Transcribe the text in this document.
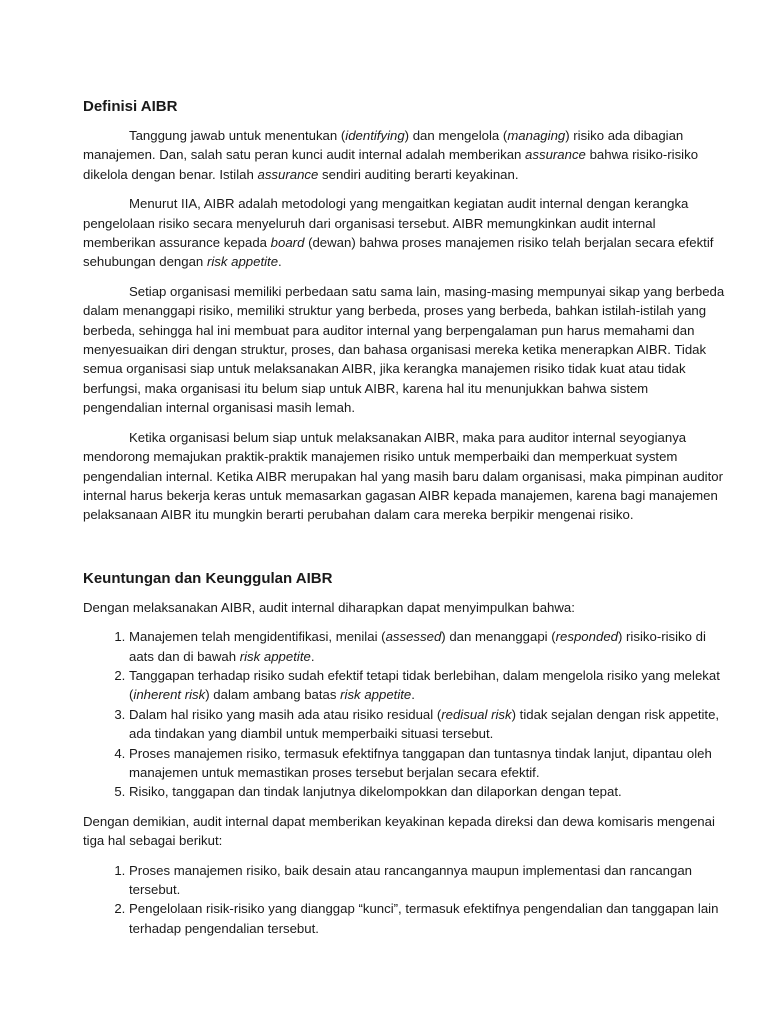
Definisi AIBR

Tanggung jawab untuk menentukan (identifying) dan mengelola (managing) risiko ada dibagian manajemen. Dan, salah satu peran kunci audit internal adalah memberikan assurance bahwa risiko-risiko dikelola dengan benar. Istilah assurance sendiri auditing berarti keyakinan.

Menurut IIA, AIBR adalah metodologi yang mengaitkan kegiatan audit internal dengan kerangka pengelolaan risiko secara menyeluruh dari organisasi tersebut. AIBR memungkinkan audit internal memberikan assurance kepada board (dewan) bahwa proses manajemen risiko telah berjalan secara efektif sehubungan dengan risk appetite.

Setiap organisasi memiliki perbedaan satu sama lain, masing-masing mempunyai sikap yang berbeda dalam menanggapi risiko, memiliki struktur yang berbeda, proses yang berbeda, bahkan istilah-istilah yang berbeda, sehingga hal ini membuat para auditor internal yang berpengalaman pun harus memahami dan menyesuaikan diri dengan struktur, proses, dan bahasa organisasi mereka ketika menerapkan AIBR. Tidak semua organisasi siap untuk melaksanakan AIBR, jika kerangka manajemen risiko tidak kuat atau tidak berfungsi, maka organisasi itu belum siap untuk AIBR, karena hal itu menunjukkan bahwa sistem pengendalian internal organisasi masih lemah.

Ketika organisasi belum siap untuk melaksanakan AIBR, maka para auditor internal seyogianya mendorong memajukan praktik-praktik manajemen risiko untuk memperbaiki dan memperkuat system pengendalian internal. Ketika AIBR merupakan hal yang masih baru dalam organisasi, maka pimpinan auditor internal harus bekerja keras untuk memasarkan gagasan AIBR kepada manajemen, karena bagi manajemen pelaksanaan AIBR itu mungkin berarti perubahan dalam cara mereka berpikir mengenai risiko.

Keuntungan dan Keunggulan AIBR

Dengan melaksanakan AIBR, audit internal diharapkan dapat menyimpulkan bahwa:

1. Manajemen telah mengidentifikasi, menilai (assessed) dan menanggapi (responded) risiko-risiko di aats dan di bawah risk appetite.
2. Tanggapan terhadap risiko sudah efektif tetapi tidak berlebihan, dalam mengelola risiko yang melekat (inherent risk) dalam ambang batas risk appetite.
3. Dalam hal risiko yang masih ada atau risiko residual (redisual risk) tidak sejalan dengan risk appetite, ada tindakan yang diambil untuk memperbaiki situasi tersebut.
4. Proses manajemen risiko, termasuk efektifnya tanggapan dan tuntasnya tindak lanjut, dipantau oleh manajemen untuk memastikan proses tersebut berjalan secara efektif.
5. Risiko, tanggapan dan tindak lanjutnya dikelompokkan dan dilaporkan dengan tepat.

Dengan demikian, audit internal dapat memberikan keyakinan kepada direksi dan dewa komisaris mengenai tiga hal sebagai berikut:

1. Proses manajemen risiko, baik desain atau rancangannya maupun implementasi dan rancangan tersebut.
2. Pengelolaan risik-risiko yang dianggap “kunci”, termasuk efektifnya pengendalian dan tanggapan lain terhadap pengendalian tersebut.
